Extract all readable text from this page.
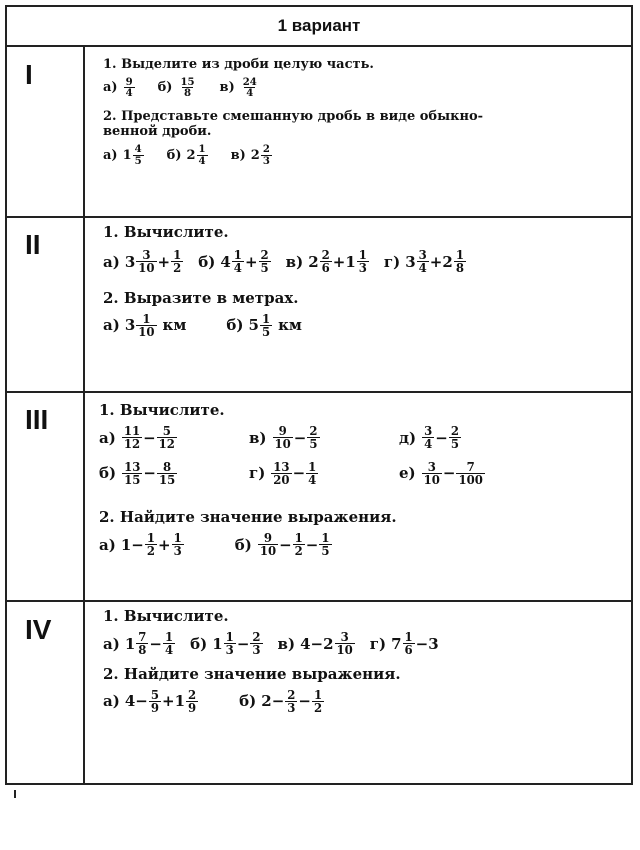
1 вариант
I	1. Выделите из дроби целую часть.

$а) \frac{9}{4} б) \frac{15}{8} в) \frac{24}{4}$

2. Представьте смешанную дробь в виде обыкно-
венной дроби.

а) $1 \frac{4}{5} б$) $2 \frac{1}{4} в$) $2 \frac{2}{3}$
II	1. Вычислите.

а) $3 \frac{3}{10} + \frac{1}{2} б$) $4 \frac{1}{4} + \frac{2}{5} в$) $2 \frac{2}{6} + 1 \frac{1}{3} г$) $3 \frac{3}{4} + 2 \frac{1}{8}$

2. Выразите в метрах.

а) $3 \frac{1}{10}$ км	б) $5 \frac{1}{5}$ км
III	1. Вычислите.

$а) \frac{11}{12} - \frac{5}{12}$	$в) \frac{9}{10} - \frac{2}{5}$	$д) \frac{3}{4} - \frac{2}{5}$
$б) \frac{13}{15} - \frac{8}{15}$	$г) \frac{13}{20} - \frac{1}{4}$	$е) \frac{3}{10} - \frac{7}{100}$

2. Найдите значение выражения.

а) $1 - \frac{1}{2} + \frac{1}{3}$	$б) \frac{9}{10} - \frac{1}{2} - \frac{1}{5}$
IV	1. Вычислите.

а) $1 \frac{7}{8} - \frac{1}{4} б$) $1 \frac{1}{3} - \frac{2}{3} в$) $4 - 2 \frac{3}{10} г$) $7 \frac{1}{6} - 3$

2. Найдите значение выражения.

а) $4 - \frac{5}{9} + 1 \frac{2}{9}$	б) $2 - \frac{2}{3} - \frac{1}{2}$
